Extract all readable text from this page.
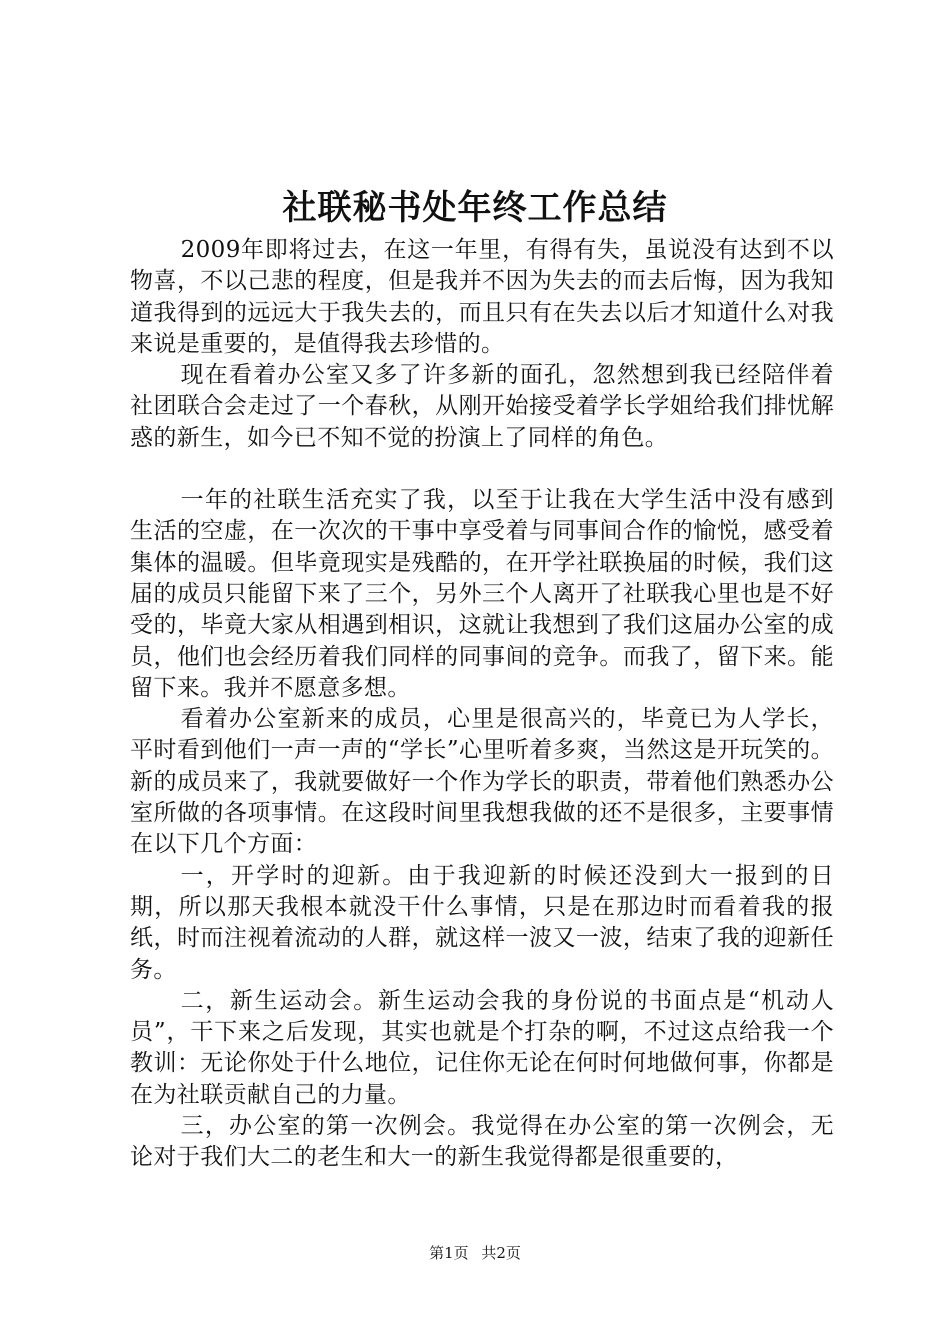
社联秘书处年终工作总结

2009年即将过去，在这一年里，有得有失，虽说没有达到不以物喜，不以己悲的程度，但是我并不因为失去的而去后悔，因为我知道我得到的远远大于我失去的，而且只有在失去以后才知道什么对我来说是重要的，是值得我去珍惜的。

现在看着办公室又多了许多新的面孔，忽然想到我已经陪伴着社团联合会走过了一个春秋，从刚开始接受着学长学姐给我们排忧解惑的新生，如今已不知不觉的扮演上了同样的角色。

一年的社联生活充实了我，以至于让我在大学生活中没有感到生活的空虚，在一次次的干事中享受着与同事间合作的愉悦，感受着集体的温暖。但毕竟现实是残酷的，在开学社联换届的时候，我们这届的成员只能留下来了三个，另外三个人离开了社联我心里也是不好受的，毕竟大家从相遇到相识，这就让我想到了我们这届办公室的成员，他们也会经历着我们同样的同事间的竞争。而我了，留下来。能留下来。我并不愿意多想。

看着办公室新来的成员，心里是很高兴的，毕竟已为人学长，平时看到他们一声一声的“学长”心里听着多爽，当然这是开玩笑的。新的成员来了，我就要做好一个作为学长的职责，带着他们熟悉办公室所做的各项事情。在这段时间里我想我做的还不是很多，主要事情在以下几个方面：

一，开学时的迎新。由于我迎新的时候还没到大一报到的日期，所以那天我根本就没干什么事情，只是在那边时而看着我的报纸，时而注视着流动的人群，就这样一波又一波，结束了我的迎新任务。

二，新生运动会。新生运动会我的身份说的书面点是“机动人员”，干下来之后发现，其实也就是个打杂的啊，不过这点给我一个教训：无论你处于什么地位，记住你无论在何时何地做何事，你都是在为社联贡献自己的力量。

三，办公室的第一次例会。我觉得在办公室的第一次例会，无论对于我们大二的老生和大一的新生我觉得都是很重要的，

第1页 共2页
